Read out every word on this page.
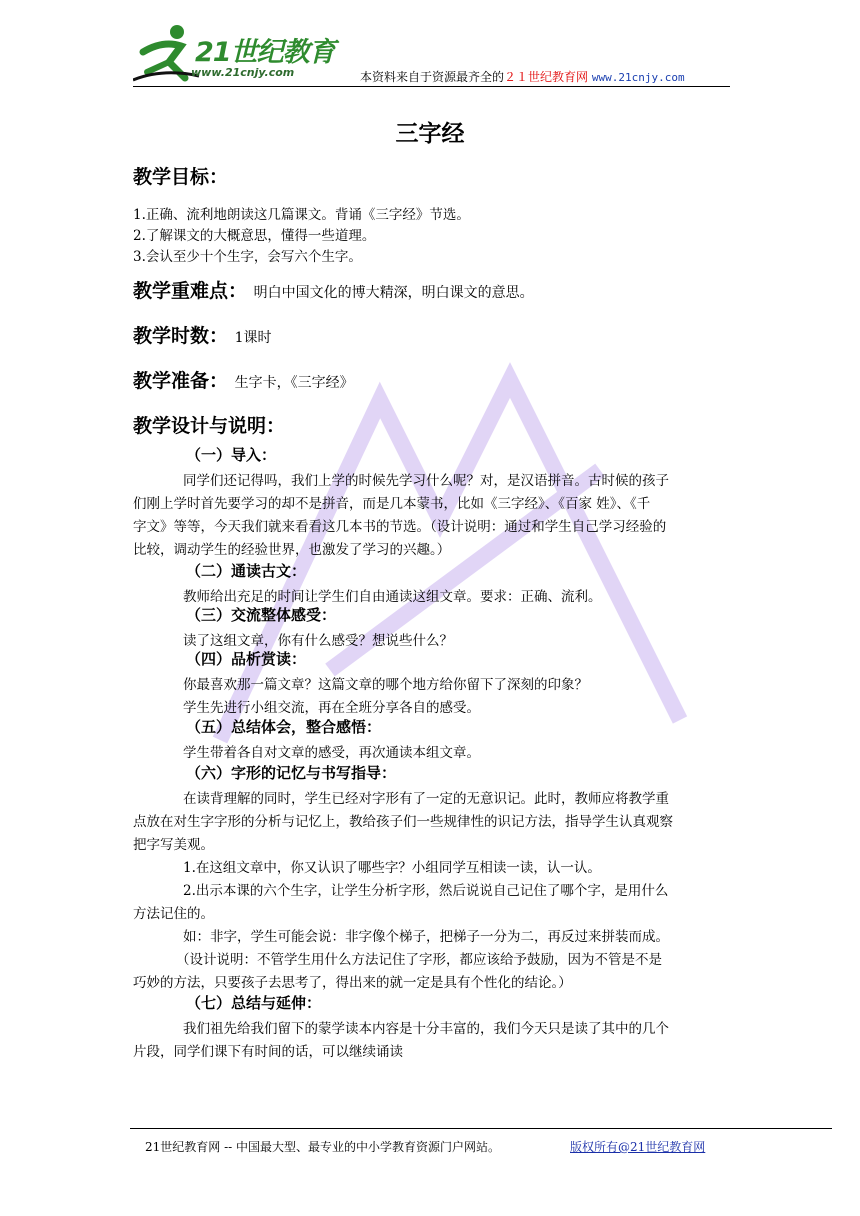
21世纪教育
www.21cnjy.com	本资料来自于资源最齐全的２１世纪教育网 www.21cnjy.com
三字经
教学目标：
1.正确、流利地朗读这几篇课文。背诵《三字经》节选。
2.了解课文的大概意思，懂得一些道理。
3.会认至少十个生字，会写六个生字。
教学重难点： 明白中国文化的博大精深，明白课文的意思。
教学时数： 1课时
教学准备： 生字卡，《三字经》
教学设计与说明：
（一）导入：
同学们还记得吗，我们上学的时候先学习什么呢？对，是汉语拼音。古时候的孩子
们刚上学时首先要学习的却不是拼音，而是几本蒙书，比如《三字经》、《百家 姓》、《千
字文》等等，今天我们就来看看这几本书的节选。（设计说明：通过和学生自己学习经验的
比较，调动学生的经验世界，也激发了学习的兴趣。）
（二）通读古文：
教师给出充足的时间让学生们自由通读这组文章。要求：正确、流利。
（三）交流整体感受：
读了这组文章，你有什么感受？想说些什么？
（四）品析赏读：
你最喜欢那一篇文章？这篇文章的哪个地方给你留下了深刻的印象？
学生先进行小组交流，再在全班分享各自的感受。
（五）总结体会，整合感悟：
学生带着各自对文章的感受，再次通读本组文章。
（六）字形的记忆与书写指导：
在读背理解的同时，学生已经对字形有了一定的无意识记。此时，教师应将教学重
点放在对生字字形的分析与记忆上，教给孩子们一些规律性的识记方法，指导学生认真观察
把字写美观。
1.在这组文章中，你又认识了哪些字？小组同学互相读一读，认一认。
2.出示本课的六个生字，让学生分析字形，然后说说自己记住了哪个字，是用什么
方法记住的。
如：非字，学生可能会说：非字像个梯子，把梯子一分为二，再反过来拼装而成。
（设计说明：不管学生用什么方法记住了字形，都应该给予鼓励，因为不管是不是
巧妙的方法，只要孩子去思考了，得出来的就一定是具有个性化的结论。）
（七）总结与延伸：
我们祖先给我们留下的蒙学读本内容是十分丰富的，我们今天只是读了其中的几个
片段，同学们课下有时间的话，可以继续诵读
21世纪教育网 -- 中国最大型、最专业的中小学教育资源门户网站。	版权所有@21世纪教育网
